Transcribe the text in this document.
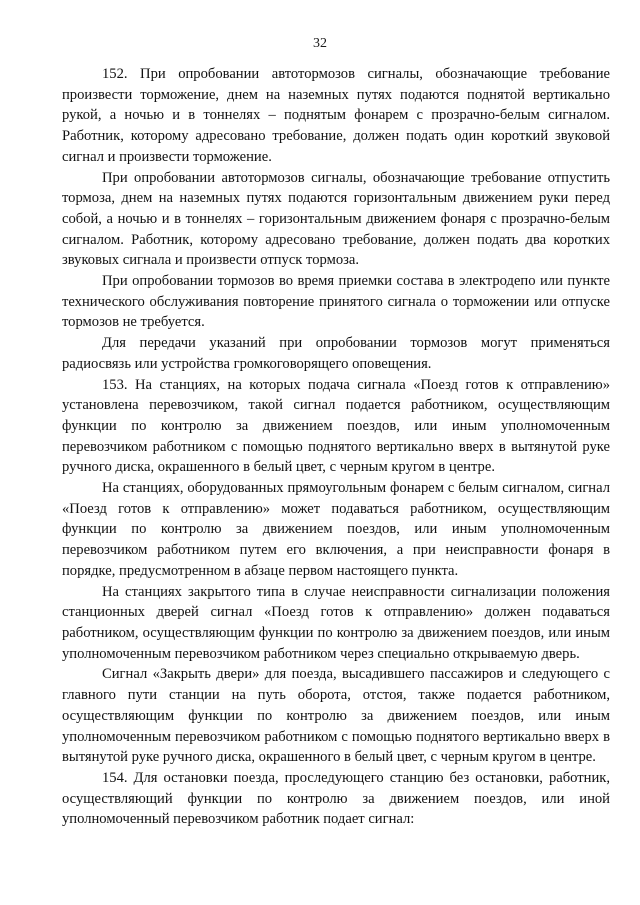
32

152. При опробовании автотормозов сигналы, обозначающие требование произвести торможение, днем на наземных путях подаются поднятой вертикально рукой, а ночью и в тоннелях – поднятым фонарем с прозрачно-белым сигналом. Работник, которому адресовано требование, должен подать один короткий звуковой сигнал и произвести торможение.

При опробовании автотормозов сигналы, обозначающие требование отпустить тормоза, днем на наземных путях подаются горизонтальным движением руки перед собой, а ночью и в тоннелях – горизонтальным движением фонаря с прозрачно-белым сигналом. Работник, которому адресовано требование, должен подать два коротких звуковых сигнала и произвести отпуск тормоза.

При опробовании тормозов во время приемки состава в электродепо или пункте технического обслуживания повторение принятого сигнала о торможении или отпуске тормозов не требуется.

Для передачи указаний при опробовании тормозов могут применяться радиосвязь или устройства громкоговорящего оповещения.

153. На станциях, на которых подача сигнала «Поезд готов к отправлению» установлена перевозчиком, такой сигнал подается работником, осуществляющим функции по контролю за движением поездов, или иным уполномоченным перевозчиком работником с помощью поднятого вертикально вверх в вытянутой руке ручного диска, окрашенного в белый цвет, с черным кругом в центре.

На станциях, оборудованных прямоугольным фонарем с белым сигналом, сигнал «Поезд готов к отправлению» может подаваться работником, осуществляющим функции по контролю за движением поездов, или иным уполномоченным перевозчиком работником путем его включения, а при неисправности фонаря в порядке, предусмотренном в абзаце первом настоящего пункта.

На станциях закрытого типа в случае неисправности сигнализации положения станционных дверей сигнал «Поезд готов к отправлению» должен подаваться работником, осуществляющим функции по контролю за движением поездов, или иным уполномоченным перевозчиком работником через специально открываемую дверь.

Сигнал «Закрыть двери» для поезда, высадившего пассажиров и следующего с главного пути станции на путь оборота, отстоя, также подается работником, осуществляющим функции по контролю за движением поездов, или иным уполномоченным перевозчиком работником с помощью поднятого вертикально вверх в вытянутой руке ручного диска, окрашенного в белый цвет, с черным кругом в центре.

154. Для остановки поезда, проследующего станцию без остановки, работник, осуществляющий функции по контролю за движением поездов, или иной уполномоченный перевозчиком работник подает сигнал:
